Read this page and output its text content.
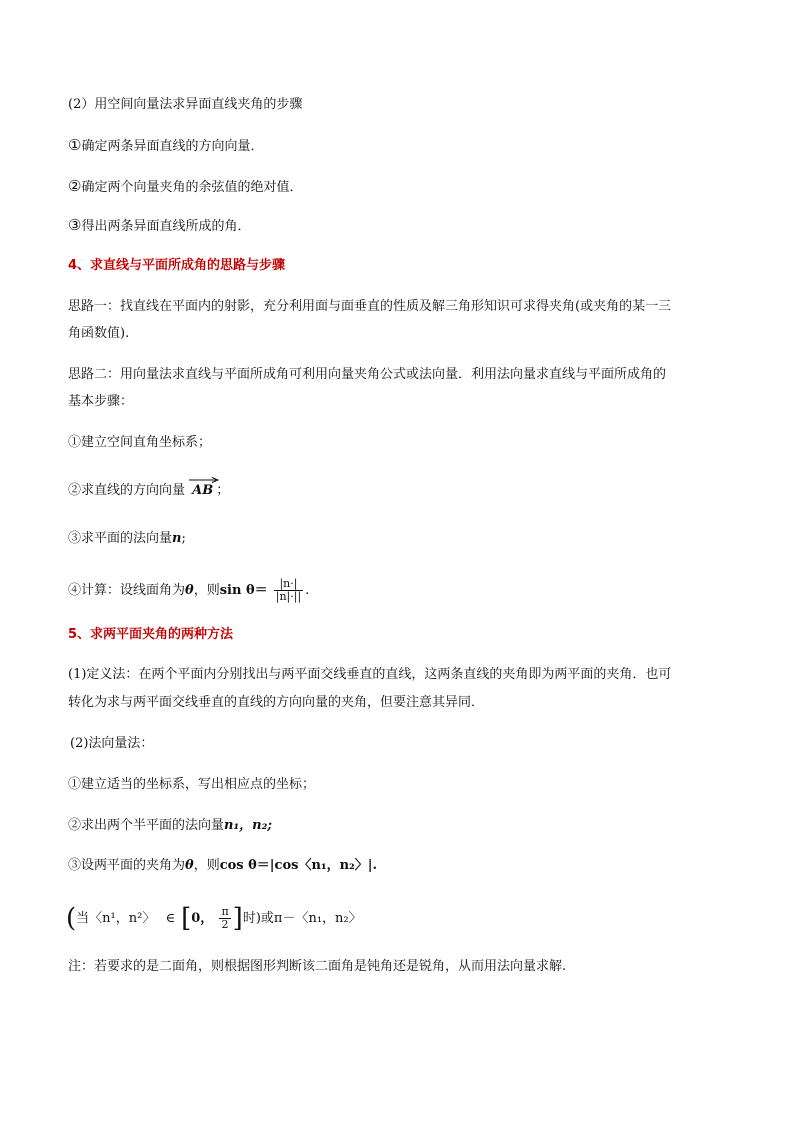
(2）用空间向量法求异面直线夹角的步骤
①确定两条异面直线的方向向量．
②确定两个向量夹角的余弦值的绝对值．
③得出两条异面直线所成的角．
4、求直线与平面所成角的思路与步骤
思路一：找直线在平面内的射影，充分利用面与面垂直的性质及解三角形知识可求得夹角(或夹角的某一三
角函数值).
思路二：用向量法求直线与平面所成角可利用向量夹角公式或法向量．利用法向量求直线与平面所成角的
基本步骤：
①建立空间直角坐标系；
②求直线的方向向量 AB ；
③求平面的法向量n;
④计算：设线面角为θ，则$\sin \theta= \frac{|n\cdot|}{|n|\cdot||}$ .
5、求两平面夹角的两种方法
(1)定义法：在两个平面内分别找出与两平面交线垂直的直线，这两条直线的夹角即为两平面的夹角．也可
转化为求与两平面交线垂直的直线的方向向量的夹角，但要注意其异同．
(2)法向量法：
①建立适当的坐标系，写出相应点的坐标；
②求出两个半平面的法向量n₁，n₂;
③设两平面的夹角为θ，则cos θ＝|cos〈n₁，n₂〉|.
(当〈n¹，n²〉 ∈ [0， $\frac{\pi}{2}$ ]时)或π－〈n₁，n₂〉
注：若要求的是二面角，则根据图形判断该二面角是钝角还是锐角，从而用法向量求解.
